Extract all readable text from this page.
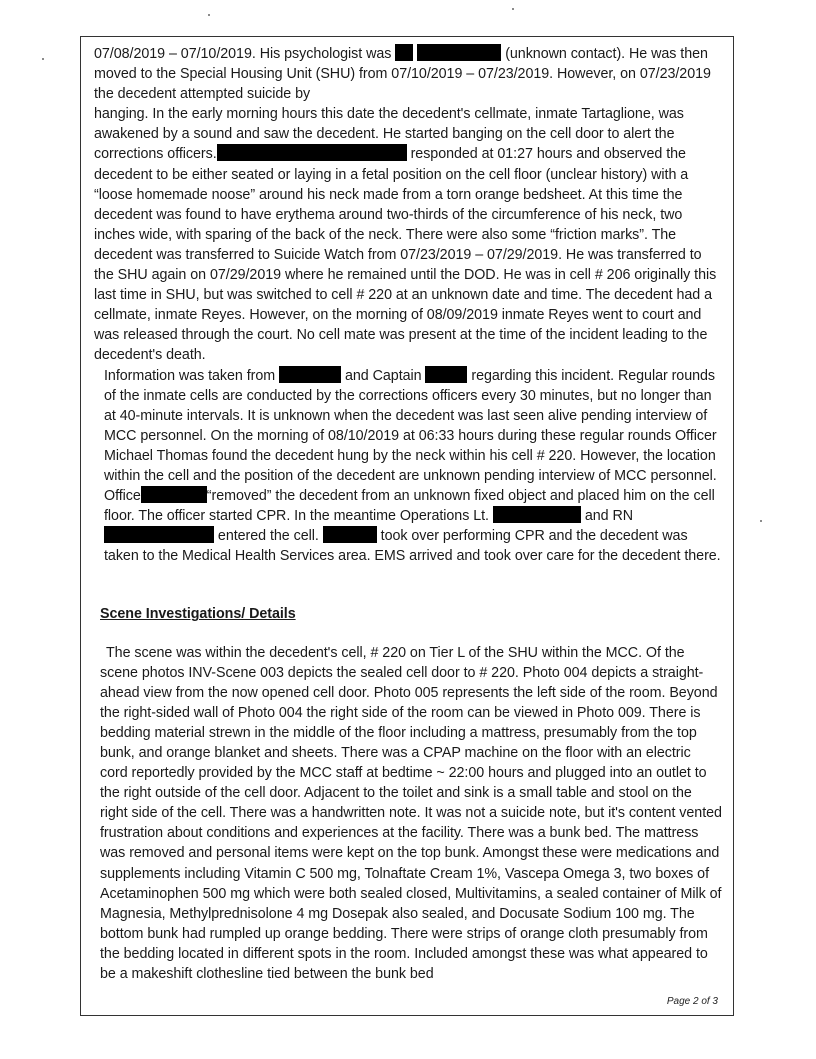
07/08/2019 – 07/10/2019. His psychologist was	(unknown contact). He was then moved to the Special Housing Unit (SHU) from 07/10/2019 – 07/23/2019. However, on 07/23/2019 the decedent attempted suicide by

hanging. In the early morning hours this date the decedent's cellmate, inmate Tartaglione, was awakened by a sound and saw the decedent. He started banging on the cell door to alert the corrections officers.	responded at 01:27 hours and observed the decedent to be either seated or laying in a fetal position on the cell floor (unclear history) with a “loose homemade noose” around his neck made from a torn orange bedsheet. At this time the decedent was found to have erythema around two-thirds of the circumference of his neck, two inches wide, with sparing of the back of the neck. There were also some “friction marks”. The decedent was transferred to Suicide Watch from 07/23/2019 – 07/29/2019. He was transferred to the SHU again on 07/29/2019 where he remained until the DOD. He was in cell # 206 originally this last time in SHU, but was switched to cell # 220 at an unknown date and time. The decedent had a cellmate, inmate Reyes. However, on the morning of 08/09/2019 inmate Reyes went to court and was released through the court. No cell mate was present at the time of the incident leading to the decedent's death.

Information was taken from	and Captain	regarding this incident. Regular rounds of the inmate cells are conducted by the corrections officers every 30 minutes, but no longer than at 40-minute intervals. It is unknown when the decedent was last seen alive pending interview of MCC personnel. On the morning of 08/10/2019 at 06:33 hours during these regular rounds Officer Michael Thomas found the decedent hung by the neck within his cell # 220. However, the location within the cell and the position of the decedent are unknown pending interview of MCC personnel. Office	“removed” the decedent from an unknown fixed object and placed him on the cell floor. The officer started CPR. In the meantime Operations Lt.	and RN  entered the cell.	took over performing CPR and the decedent was taken to the Medical Health Services area. EMS arrived and took over care for the decedent there.

Scene Investigations/ Details

The scene was within the decedent's cell, # 220 on Tier L of the SHU within the MCC. Of the scene photos INV-Scene 003 depicts the sealed cell door to # 220. Photo 004 depicts a straight-ahead view from the now opened cell door. Photo 005 represents the left side of the room. Beyond the right-sided wall of Photo 004 the right side of the room can be viewed in Photo 009. There is bedding material strewn in the middle of the floor including a mattress, presumably from the top bunk, and orange blanket and sheets. There was a CPAP machine on the floor with an electric cord reportedly provided by the MCC staff at bedtime ~ 22:00 hours and plugged into an outlet to the right outside of the cell door. Adjacent to the toilet and sink is a small table and stool on the right side of the cell. There was a handwritten note. It was not a suicide note, but it's content vented frustration about conditions and experiences at the facility. There was a bunk bed. The mattress was removed and personal items were kept on the top bunk. Amongst these were medications and supplements including Vitamin C 500 mg, Tolnaftate Cream 1%, Vascepa Omega 3, two boxes of Acetaminophen 500 mg which were both sealed closed, Multivitamins, a sealed container of Milk of Magnesia, Methylprednisolone 4 mg Dosepak also sealed, and Docusate Sodium 100 mg. The bottom bunk had rumpled up orange bedding. There were strips of orange cloth presumably from the bedding located in different spots in the room. Included amongst these was what appeared to be a makeshift clothesline tied between the bunk bed

Page 2 of 3
